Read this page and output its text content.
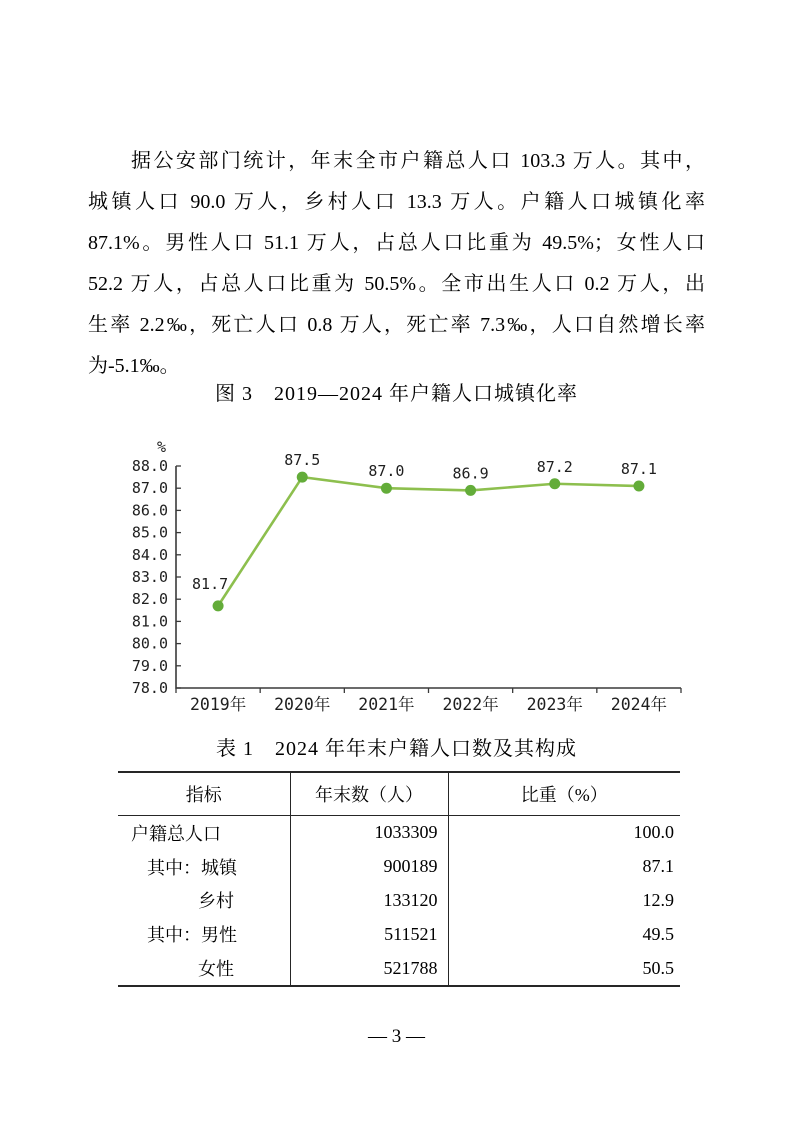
据公安部门统计，年末全市户籍总人口 103.3 万人。其中，
城镇人口 90.0 万人，乡村人口 13.3 万人。户籍人口城镇化率
87.1%。男性人口 51.1 万人，占总人口比重为 49.5%；女性人口
52.2 万人，占总人口比重为 50.5%。全市出生人口 0.2 万人，出
生率 2.2‰，死亡人口 0.8 万人，死亡率 7.3‰，人口自然增长率
为-5.1‰。
图 3　2019—2024 年户籍人口城镇化率
78.0
79.0
80.0
81.0
82.0
83.0
84.0
85.0
86.0
87.0
88.0
%
81.7
2019年
87.5
2020年
87.0
2021年
86.9
2022年
87.2
2023年
87.1
2024年
表 1　2024 年年末户籍人口数及其构成
指标	年末数（人）	比重（%）
户籍总人口	1033309	100.0
其中：城镇	900189	87.1
乡村	133120	12.9
其中：男性	511521	49.5
女性	521788	50.5
— 3 —
